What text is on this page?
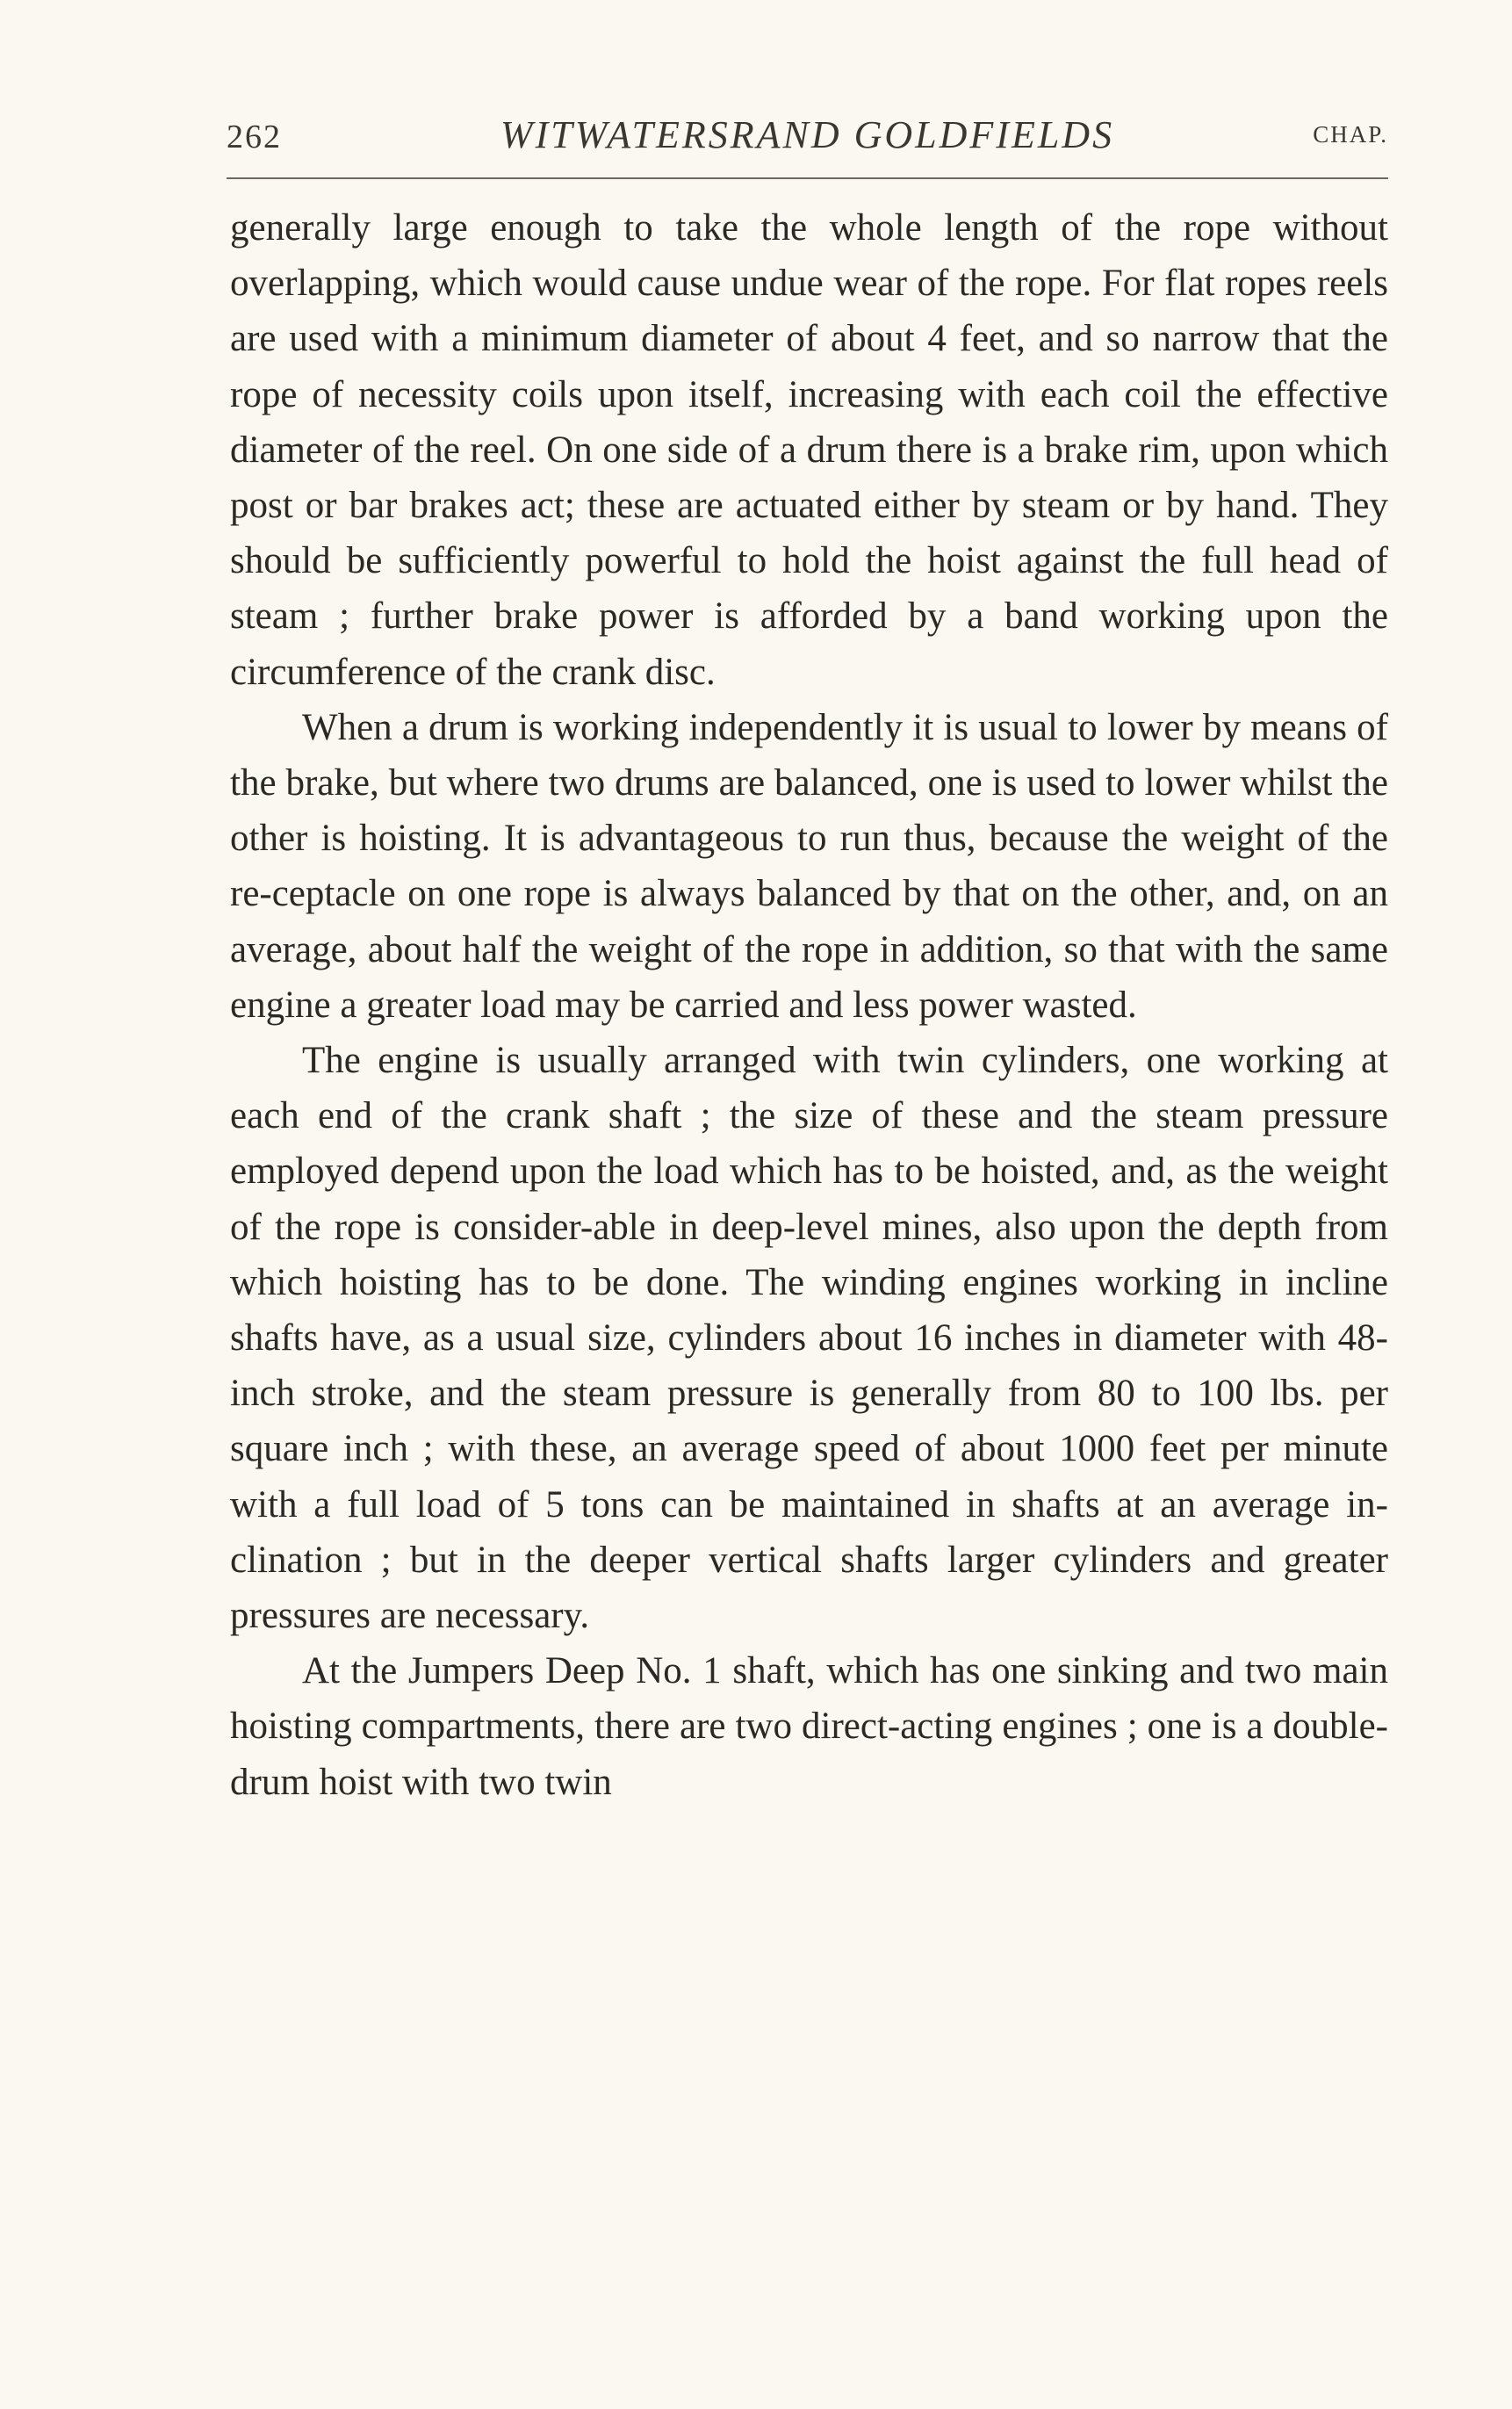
262	WITWATERSRAND GOLDFIELDS	CHAP.

generally large enough to take the whole length of the rope without overlapping, which would cause undue wear of the rope. For flat ropes reels are used with a minimum diameter of about 4 feet, and so narrow that the rope of necessity coils upon itself, increasing with each coil the effective diameter of the reel. On one side of a drum there is a brake rim, upon which post or bar brakes act; these are actuated either by steam or by hand. They should be sufficiently powerful to hold the hoist against the full head of steam ; further brake power is afforded by a band working upon the circumference of the crank disc.

When a drum is working independently it is usual to lower by means of the brake, but where two drums are balanced, one is used to lower whilst the other is hoisting. It is advantageous to run thus, because the weight of the re-ceptacle on one rope is always balanced by that on the other, and, on an average, about half the weight of the rope in addition, so that with the same engine a greater load may be carried and less power wasted.

The engine is usually arranged with twin cylinders, one working at each end of the crank shaft ; the size of these and the steam pressure employed depend upon the load which has to be hoisted, and, as the weight of the rope is consider-able in deep-level mines, also upon the depth from which hoisting has to be done. The winding engines working in incline shafts have, as a usual size, cylinders about 16 inches in diameter with 48-inch stroke, and the steam pressure is generally from 80 to 100 lbs. per square inch ; with these, an average speed of about 1000 feet per minute with a full load of 5 tons can be maintained in shafts at an average in-clination ; but in the deeper vertical shafts larger cylinders and greater pressures are necessary.

At the Jumpers Deep No. 1 shaft, which has one sinking and two main hoisting compartments, there are two direct-acting engines ; one is a double-drum hoist with two twin
